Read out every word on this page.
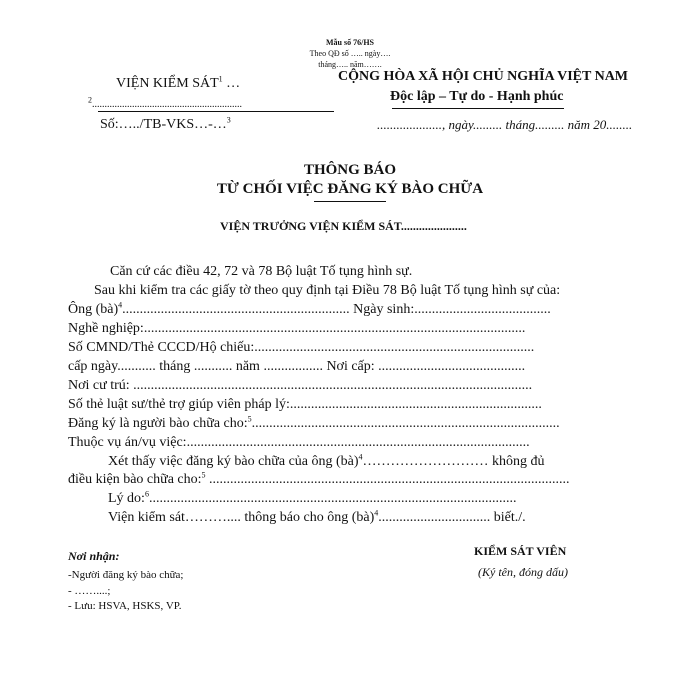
Mẫu số 76/HS
Theo QĐ số ….. ngày….
tháng….. năm…….
VIỆN KIỂM SÁT$^1$ …
$^2$............................................................
Số:…../TB-VKS…-…$^3$
CỘNG HÒA XÃ HỘI CHỦ NGHĨA VIỆT NAM
Độc lập – Tự do - Hạnh phúc
...................., ngày......... tháng......... năm 20........
THÔNG BÁO
TỪ CHỐI VIỆC ĐĂNG KÝ BÀO CHỮA
VIỆN TRƯỞNG VIỆN KIỂM SÁT......................
Căn cứ các điều 42, 72 và 78 Bộ luật Tố tụng hình sự.
Sau khi kiểm tra các giấy tờ theo quy định tại Điều 78 Bộ luật Tố tụng hình sự của:
Ông (bà)$^4$................................................................. Ngày sinh:.......................................
Nghề nghiệp:.............................................................................................................
Số CMND/Thẻ CCCD/Hộ chiếu:................................................................................
cấp ngày........... tháng ........... năm ................. Nơi cấp: ..........................................
Nơi cư trú: ..................................................................................................................
Số thẻ luật sư/thẻ trợ giúp viên pháp lý:........................................................................
Đăng ký là người bào chữa cho:$^5$........................................................................................
Thuộc vụ án/vụ việc:..................................................................................................
Xét thấy việc đăng ký bào chữa của ông (bà)$^4$……………………… không đủ
điều kiện bào chữa cho:$^5$ .......................................................................................................
Lý do:$^6$.........................................................................................................
Viện kiểm sát……….... thông báo cho ông (bà)$^4$................................ biết./.
Nơi nhận:
-Người đăng ký bào chữa;
- ……....;
- Lưu: HSVA, HSKS, VP.
KIỂM SÁT VIÊN
(Ký tên, đóng dấu)
